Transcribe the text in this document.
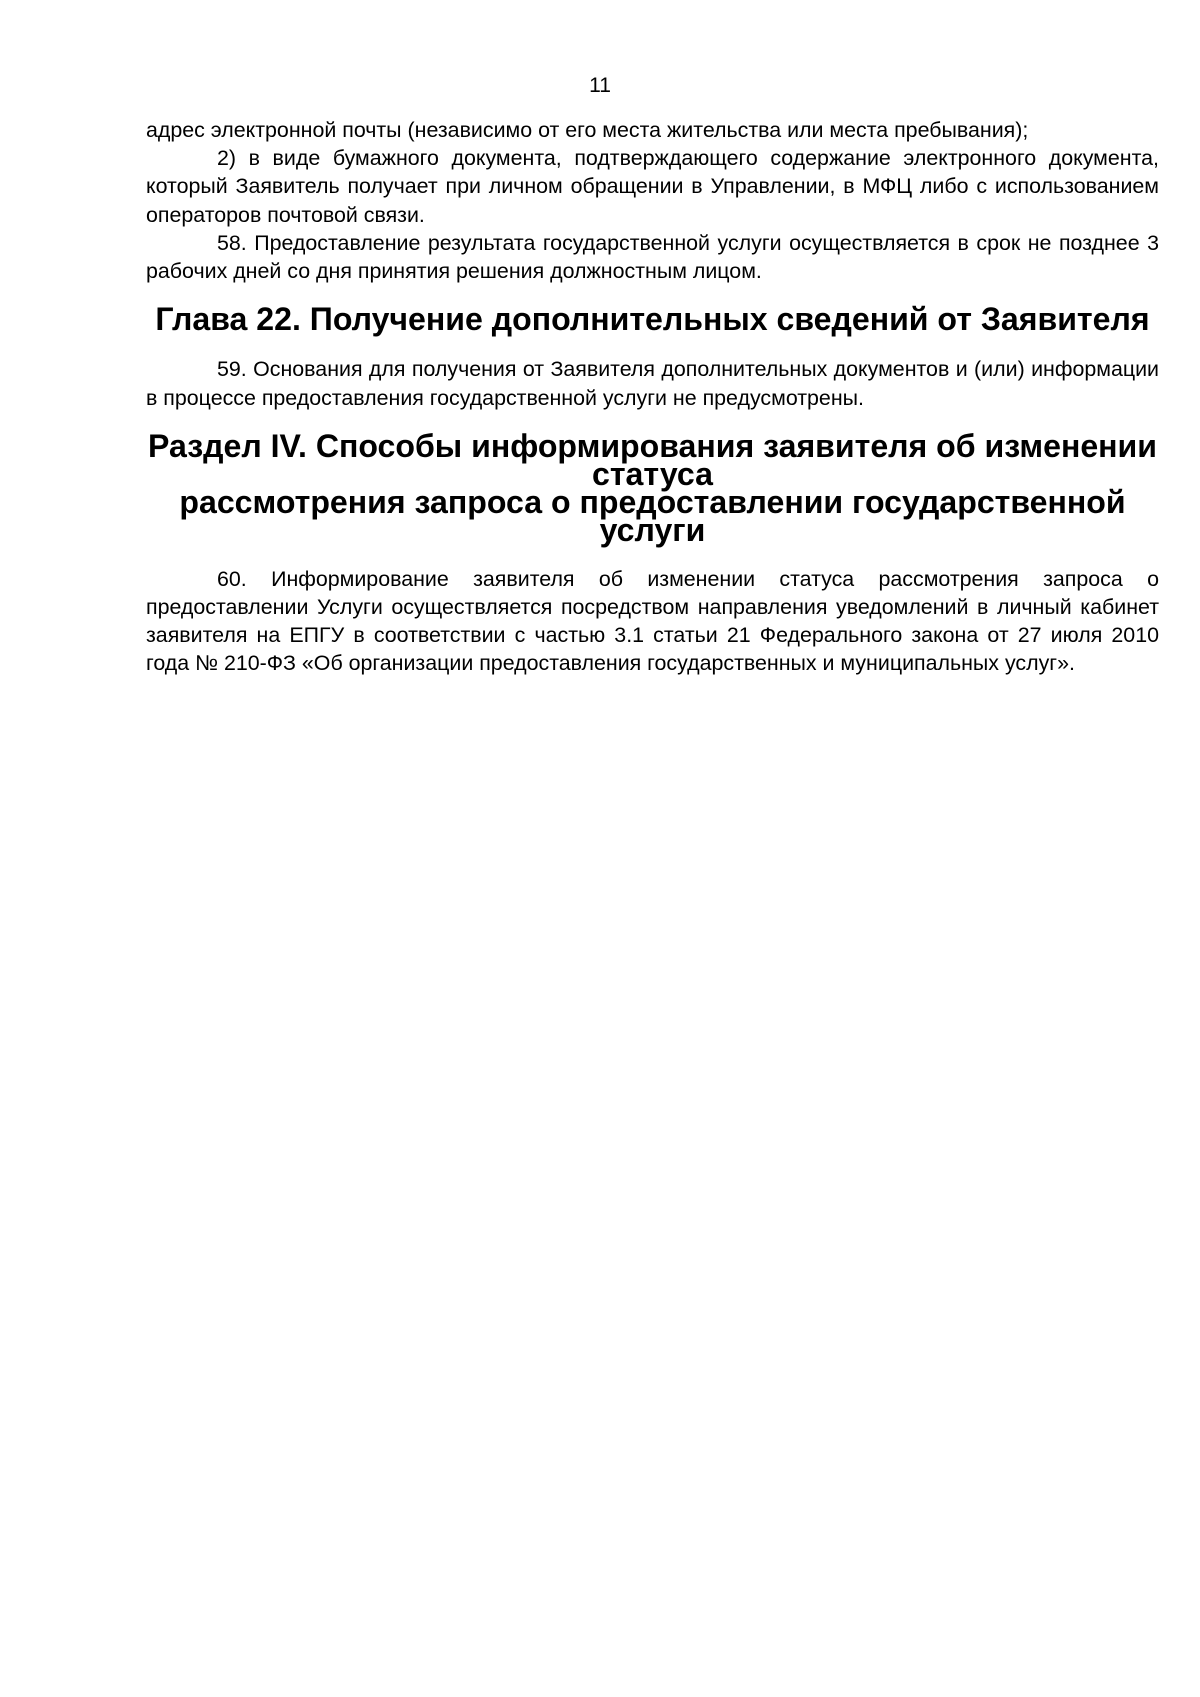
11

адрес электронной почты (независимо от его места жительства или места пребывания);

2) в виде бумажного документа, подтверждающего содержание электронного документа, который Заявитель получает при личном обращении в Управлении, в МФЦ либо с использованием операторов почтовой связи.

58. Предоставление результата государственной услуги осуществляется в срок не позднее 3 рабочих дней со дня принятия решения должностным лицом.

Глава 22. Получение дополнительных сведений от Заявителя

59. Основания для получения от Заявителя дополнительных документов и (или) информации в процессе предоставления государственной услуги не предусмотрены.

Раздел IV. Способы информирования заявителя об изменении статуса
рассмотрения запроса о предоставлении государственной услуги

60. Информирование заявителя об изменении статуса рассмотрения запроса о предоставлении Услуги осуществляется посредством направления уведомлений в личный кабинет заявителя на ЕПГУ в соответствии с частью 3.1 статьи 21 Федерального закона от 27 июля 2010 года № 210-ФЗ «Об организации предоставления государственных и муниципальных услуг».
